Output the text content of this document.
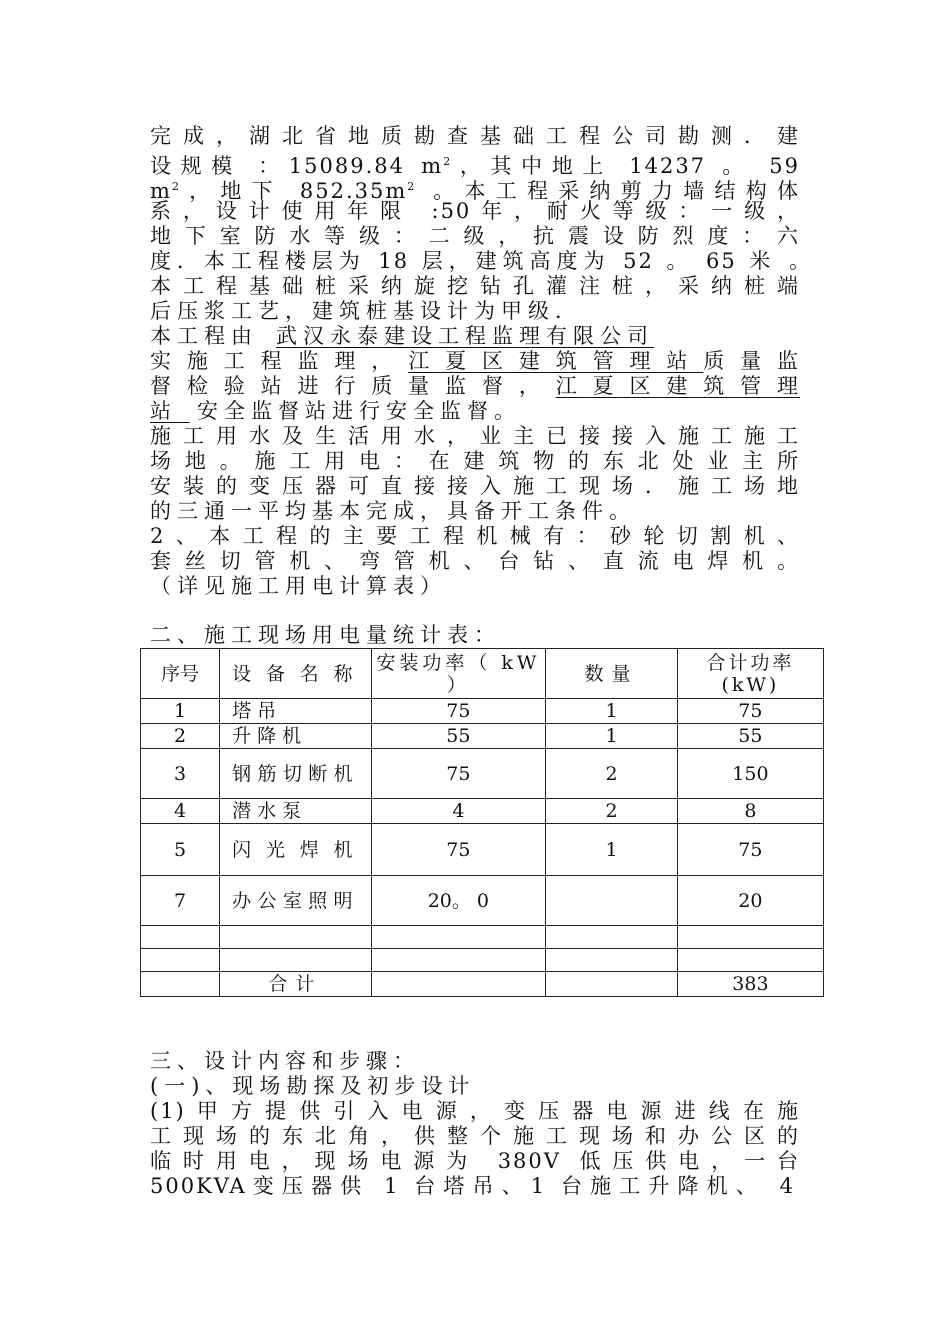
完成，湖北省地质勘查基础工程公司勘测．建
设规模 ：15089.84 $m^2$，其中地上 14237 。 59
$m^2$，地下 $852.35m^2$ 。本工程采纳剪力墙结构体
系，设计使用年限 :50年，耐火等级：一级，
地下室防水等级：二级，抗震设防烈度：六
度．本工程楼层为 18 层，建筑高度为 52 。 65 米 。
本工程基础桩采纳旋挖钻孔灌注桩，采纳桩端
后压浆工艺，建筑桩基设计为甲级．
本工程由 武汉永泰建设工程监理有限公司
实施工程监理，江夏区建筑管理站质量监
督检验站进行质量监督，江夏区建筑管理
站 安全监督站进行安全监督。
施工用水及生活用水，业主已接接入施工施工
场地。施工用电：在建筑物的东北处业主所
安装的变压器可直接接入施工现场．施工场地
的三通一平均基本完成，具备开工条件。
2、本工程的主要工程机械有：砂轮切割机、
套丝切管机、弯管机、台钻、直流电焊机。
（详见施工用电计算表）
二、施工现场用电量统计表：
序号	设备名称	安装功率（ kW ）	数量	合计功率 (kW)
1	塔吊	75	1	75
2	升降机	55	1	55
3	钢筋切断机	75	2	150
4	潜水泵	4	2	8
5	闪光焊机	75	1	75
7	办公室照明	20。 0		20

	合计			383
三、设计内容和步骤：
(一)、现场勘探及初步设计
(1)甲方提供引入电源，变压器电源进线在施
工现场的东北角，供整个施工现场和办公区的
临时用电，现场电源为 380V 低压供电，一台
500KVA变压器供 1 台塔吊、1 台施工升降机、 4
